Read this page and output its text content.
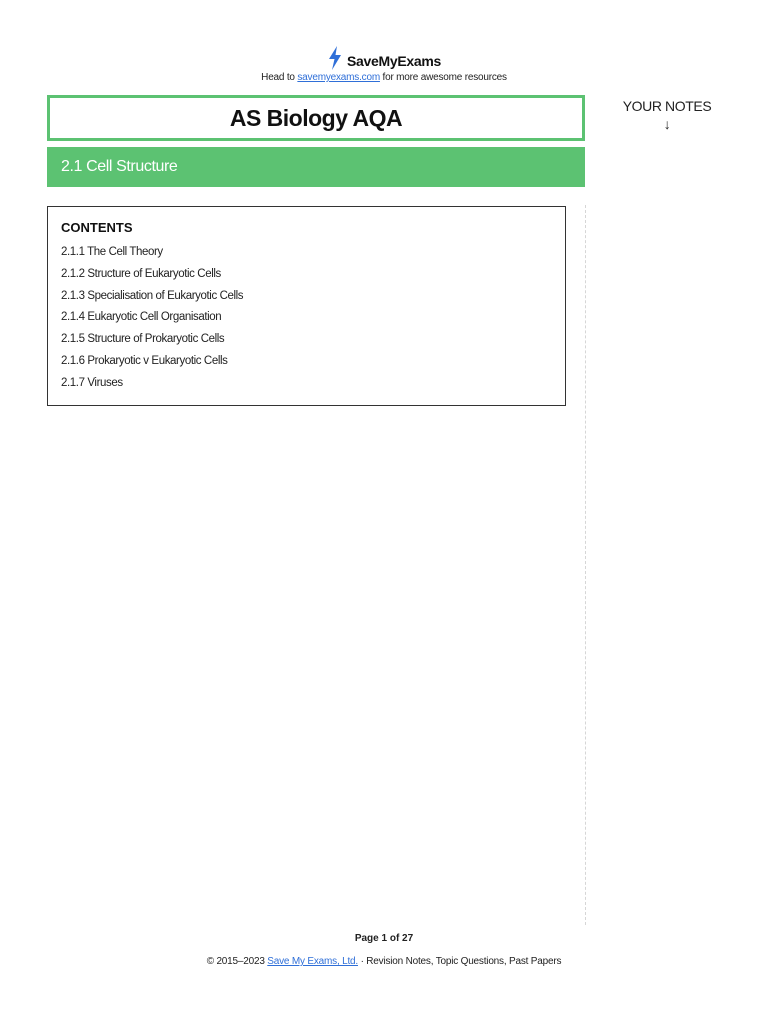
SaveMyExams
Head to savemyexams.com for more awesome resources
AS Biology AQA
2.1 Cell Structure
YOUR NOTES
↓
CONTENTS
2.1.1 The Cell Theory
2.1.2 Structure of Eukaryotic Cells
2.1.3 Specialisation of Eukaryotic Cells
2.1.4 Eukaryotic Cell Organisation
2.1.5 Structure of Prokaryotic Cells
2.1.6 Prokaryotic v Eukaryotic Cells
2.1.7 Viruses
Page 1 of 27
© 2015–2023 Save My Exams, Ltd. · Revision Notes, Topic Questions, Past Papers
